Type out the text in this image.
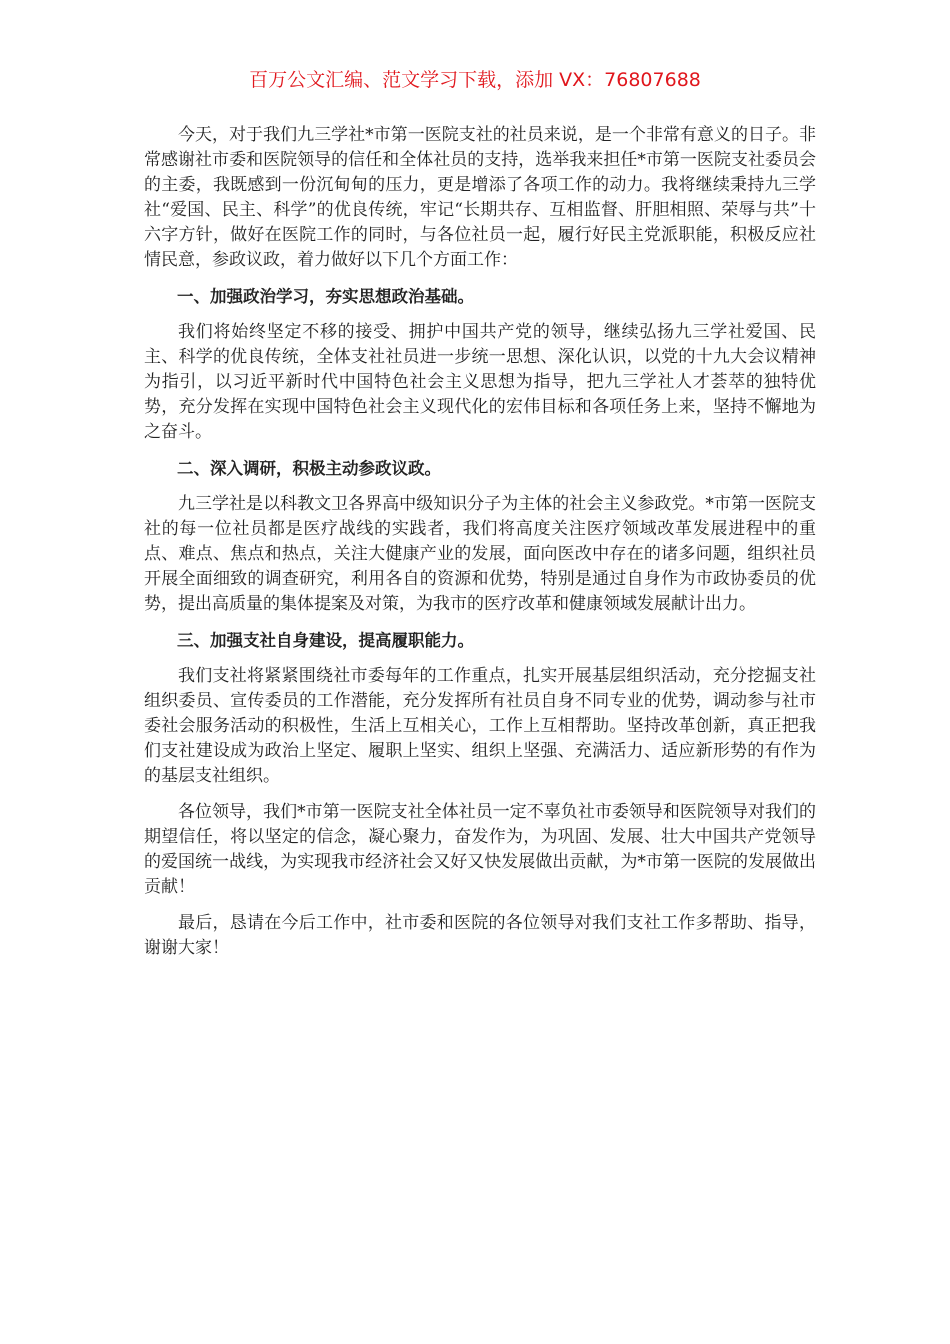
百万公文汇编、范文学习下载，添加 VX：76807688

今天，对于我们九三学社*市第一医院支社的社员来说，是一个非常有意义的日子。非常感谢社市委和医院领导的信任和全体社员的支持，选举我来担任*市第一医院支社委员会的主委，我既感到一份沉甸甸的压力，更是增添了各项工作的动力。我将继续秉持九三学社“爱国、民主、科学”的优良传统，牢记“长期共存、互相监督、肝胆相照、荣辱与共”十六字方针，做好在医院工作的同时，与各位社员一起，履行好民主党派职能，积极反应社情民意，参政议政，着力做好以下几个方面工作：

一、加强政治学习，夯实思想政治基础。

我们将始终坚定不移的接受、拥护中国共产党的领导，继续弘扬九三学社爱国、民主、科学的优良传统，全体支社社员进一步统一思想、深化认识，以党的十九大会议精神为指引，以习近平新时代中国特色社会主义思想为指导，把九三学社人才荟萃的独特优势，充分发挥在实现中国特色社会主义现代化的宏伟目标和各项任务上来，坚持不懈地为之奋斗。

二、深入调研，积极主动参政议政。

九三学社是以科教文卫各界高中级知识分子为主体的社会主义参政党。*市第一医院支社的每一位社员都是医疗战线的实践者，我们将高度关注医疗领域改革发展进程中的重点、难点、焦点和热点，关注大健康产业的发展，面向医改中存在的诸多问题，组织社员开展全面细致的调查研究，利用各自的资源和优势，特别是通过自身作为市政协委员的优势，提出高质量的集体提案及对策，为我市的医疗改革和健康领域发展献计出力。

三、加强支社自身建设，提高履职能力。

我们支社将紧紧围绕社市委每年的工作重点，扎实开展基层组织活动，充分挖掘支社组织委员、宣传委员的工作潜能，充分发挥所有社员自身不同专业的优势，调动参与社市委社会服务活动的积极性，生活上互相关心，工作上互相帮助。坚持改革创新，真正把我们支社建设成为政治上坚定、履职上坚实、组织上坚强、充满活力、适应新形势的有作为的基层支社组织。

各位领导，我们*市第一医院支社全体社员一定不辜负社市委领导和医院领导对我们的期望信任，将以坚定的信念，凝心聚力，奋发作为，为巩固、发展、壮大中国共产党领导的爱国统一战线，为实现我市经济社会又好又快发展做出贡献，为*市第一医院的发展做出贡献！

最后，恳请在今后工作中，社市委和医院的各位领导对我们支社工作多帮助、指导，谢谢大家！
